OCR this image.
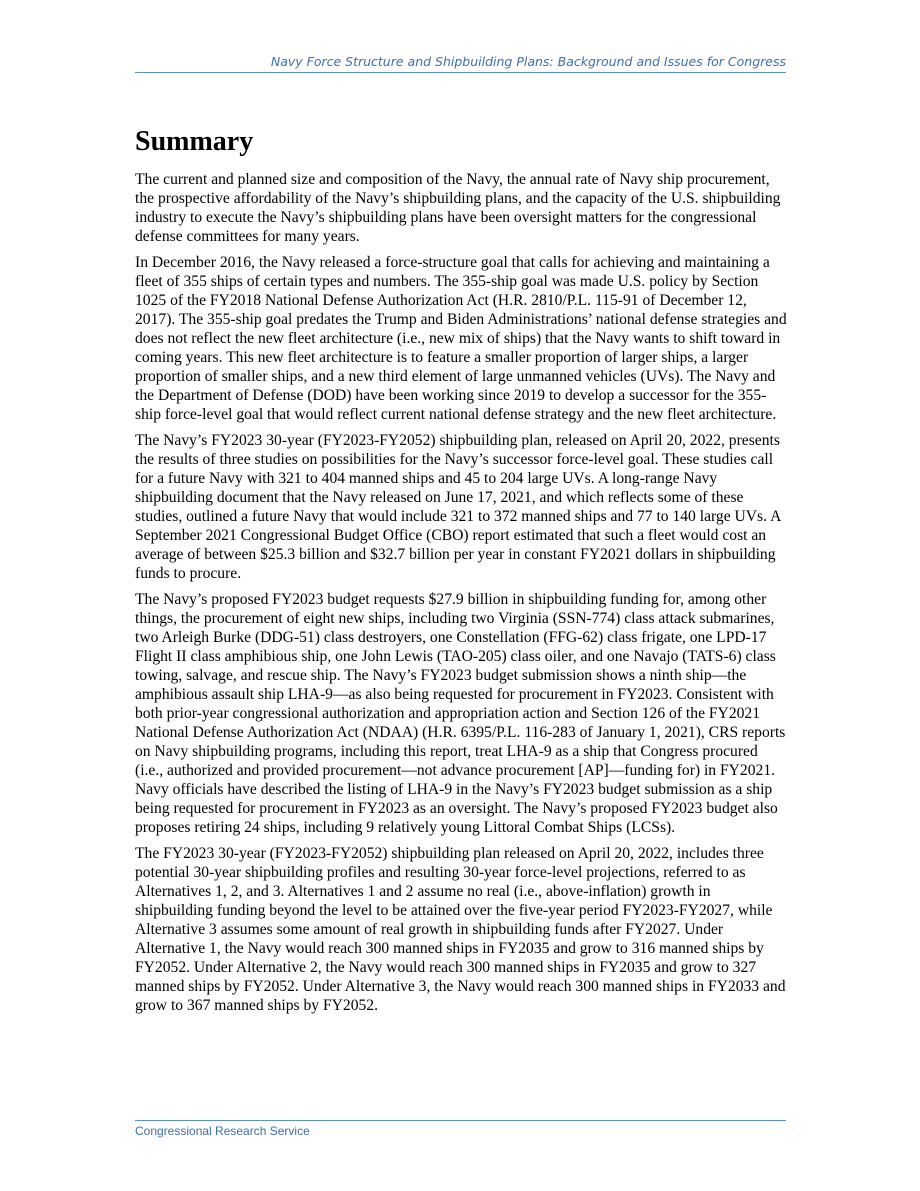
Navy Force Structure and Shipbuilding Plans: Background and Issues for Congress
Summary

The current and planned size and composition of the Navy, the annual rate of Navy ship procurement, the prospective affordability of the Navy’s shipbuilding plans, and the capacity of the U.S. shipbuilding industry to execute the Navy’s shipbuilding plans have been oversight matters for the congressional defense committees for many years.

In December 2016, the Navy released a force-structure goal that calls for achieving and maintaining a fleet of 355 ships of certain types and numbers. The 355-ship goal was made U.S. policy by Section 1025 of the FY2018 National Defense Authorization Act (H.R. 2810/P.L. 115-91 of December 12, 2017). The 355-ship goal predates the Trump and Biden Administrations’ national defense strategies and does not reflect the new fleet architecture (i.e., new mix of ships) that the Navy wants to shift toward in coming years. This new fleet architecture is to feature a smaller proportion of larger ships, a larger proportion of smaller ships, and a new third element of large unmanned vehicles (UVs). The Navy and the Department of Defense (DOD) have been working since 2019 to develop a successor for the 355-ship force-level goal that would reflect current national defense strategy and the new fleet architecture.

The Navy’s FY2023 30-year (FY2023-FY2052) shipbuilding plan, released on April 20, 2022, presents the results of three studies on possibilities for the Navy’s successor force-level goal. These studies call for a future Navy with 321 to 404 manned ships and 45 to 204 large UVs. A long-range Navy shipbuilding document that the Navy released on June 17, 2021, and which reflects some of these studies, outlined a future Navy that would include 321 to 372 manned ships and 77 to 140 large UVs. A September 2021 Congressional Budget Office (CBO) report estimated that such a fleet would cost an average of between $25.3 billion and $32.7 billion per year in constant FY2021 dollars in shipbuilding funds to procure.

The Navy’s proposed FY2023 budget requests $27.9 billion in shipbuilding funding for, among other things, the procurement of eight new ships, including two Virginia (SSN-774) class attack submarines, two Arleigh Burke (DDG-51) class destroyers, one Constellation (FFG-62) class frigate, one LPD-17 Flight II class amphibious ship, one John Lewis (TAO-205) class oiler, and one Navajo (TATS-6) class towing, salvage, and rescue ship. The Navy’s FY2023 budget submission shows a ninth ship—the amphibious assault ship LHA-9—as also being requested for procurement in FY2023. Consistent with both prior-year congressional authorization and appropriation action and Section 126 of the FY2021 National Defense Authorization Act (NDAA) (H.R. 6395/P.L. 116-283 of January 1, 2021), CRS reports on Navy shipbuilding programs, including this report, treat LHA-9 as a ship that Congress procured (i.e., authorized and provided procurement—not advance procurement [AP]—funding for) in FY2021. Navy officials have described the listing of LHA-9 in the Navy’s FY2023 budget submission as a ship being requested for procurement in FY2023 as an oversight. The Navy’s proposed FY2023 budget also proposes retiring 24 ships, including 9 relatively young Littoral Combat Ships (LCSs).

The FY2023 30-year (FY2023-FY2052) shipbuilding plan released on April 20, 2022, includes three potential 30-year shipbuilding profiles and resulting 30-year force-level projections, referred to as Alternatives 1, 2, and 3. Alternatives 1 and 2 assume no real (i.e., above-inflation) growth in shipbuilding funding beyond the level to be attained over the five-year period FY2023-FY2027, while Alternative 3 assumes some amount of real growth in shipbuilding funds after FY2027. Under Alternative 1, the Navy would reach 300 manned ships in FY2035 and grow to 316 manned ships by FY2052. Under Alternative 2, the Navy would reach 300 manned ships in FY2035 and grow to 327 manned ships by FY2052. Under Alternative 3, the Navy would reach 300 manned ships in FY2033 and grow to 367 manned ships by FY2052.

Congressional Research Service
